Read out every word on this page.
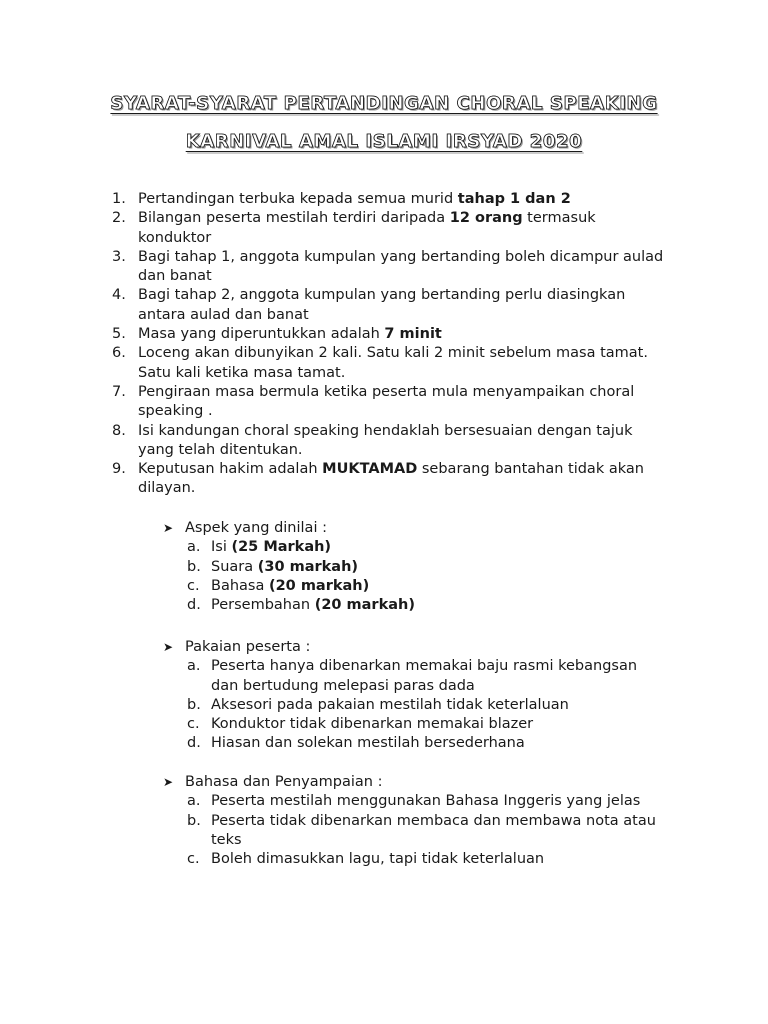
SYARAT-SYARAT PERTANDINGAN CHORAL SPEAKING
KARNIVAL AMAL ISLAMI IRSYAD 2020
1. Pertandingan terbuka kepada semua murid tahap 1 dan 2
2. Bilangan peserta mestilah terdiri daripada 12 orang termasuk konduktor
3. Bagi tahap 1, anggota kumpulan yang bertanding boleh dicampur aulad dan banat
4. Bagi tahap 2, anggota kumpulan yang bertanding perlu diasingkan antara aulad dan banat
5. Masa yang diperuntukkan adalah 7 minit
6. Loceng akan dibunyikan 2 kali. Satu kali 2 minit sebelum masa tamat. Satu kali ketika masa tamat.
7. Pengiraan masa bermula ketika peserta mula menyampaikan choral speaking .
8. Isi kandungan choral speaking hendaklah bersesuaian dengan tajuk yang telah ditentukan.
9. Keputusan hakim adalah MUKTAMAD sebarang bantahan tidak akan dilayan.
➤ Aspek yang dinilai :
a. Isi (25 Markah)
b. Suara (30 markah)
c. Bahasa (20 markah)
d. Persembahan (20 markah)
➤ Pakaian peserta :
a. Peserta hanya dibenarkan memakai baju rasmi kebangsan dan bertudung melepasi paras dada
b. Aksesori pada pakaian mestilah tidak keterlaluan
c. Konduktor tidak dibenarkan memakai blazer
d. Hiasan dan solekan mestilah bersederhana
➤ Bahasa dan Penyampaian :
a. Peserta mestilah menggunakan Bahasa Inggeris yang jelas
b. Peserta tidak dibenarkan membaca dan membawa nota atau teks
c. Boleh dimasukkan lagu, tapi tidak keterlaluan
